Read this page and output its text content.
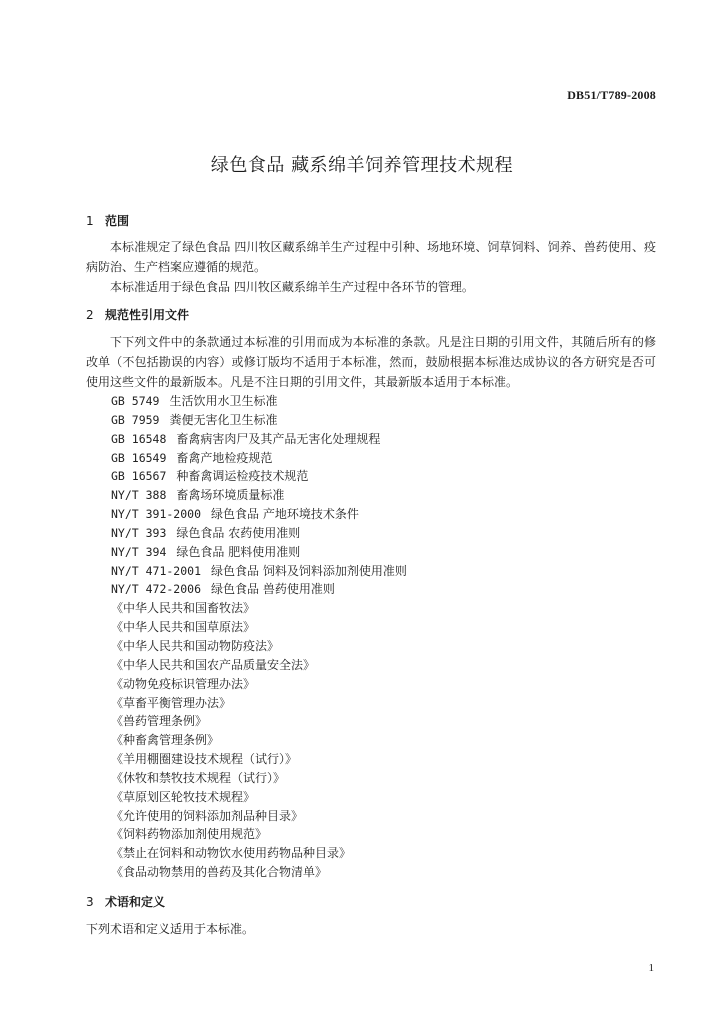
DB51/T789-2008

绿色食品 藏系绵羊饲养管理技术规程
1 范围

本标准规定了绿色食品 四川牧区藏系绵羊生产过程中引种、场地环境、饲草饲料、饲养、兽药使用、疫病防治、生产档案应遵循的规范。

本标准适用于绿色食品 四川牧区藏系绵羊生产过程中各环节的管理。

2 规范性引用文件

下下列文件中的条款通过本标准的引用而成为本标准的条款。凡是注日期的引用文件，其随后所有的修改单（不包括勘误的内容）或修订版均不适用于本标准，然而，鼓励根据本标准达成协议的各方研究是否可使用这些文件的最新版本。凡是不注日期的引用文件，其最新版本适用于本标准。

GB 5749 生活饮用水卫生标准
GB 7959 粪便无害化卫生标准
GB 16548 畜禽病害肉尸及其产品无害化处理规程
GB 16549 畜禽产地检疫规范
GB 16567 种畜禽调运检疫技术规范
NY/T 388 畜禽场环境质量标准
NY/T 391-2000 绿色食品 产地环境技术条件
NY/T 393 绿色食品 农药使用准则
NY/T 394 绿色食品 肥料使用准则
NY/T 471-2001 绿色食品 饲料及饲料添加剂使用准则
NY/T 472-2006 绿色食品 兽药使用准则
《中华人民共和国畜牧法》
《中华人民共和国草原法》
《中华人民共和国动物防疫法》
《中华人民共和国农产品质量安全法》
《动物免疫标识管理办法》
《草畜平衡管理办法》
《兽药管理条例》
《种畜禽管理条例》
《羊用棚圈建设技术规程（试行）》
《休牧和禁牧技术规程（试行）》
《草原划区轮牧技术规程》
《允许使用的饲料添加剂品种目录》
《饲料药物添加剂使用规范》
《禁止在饲料和动物饮水使用药物品种目录》
《食品动物禁用的兽药及其化合物清单》
3 术语和定义

下列术语和定义适用于本标准。

1
